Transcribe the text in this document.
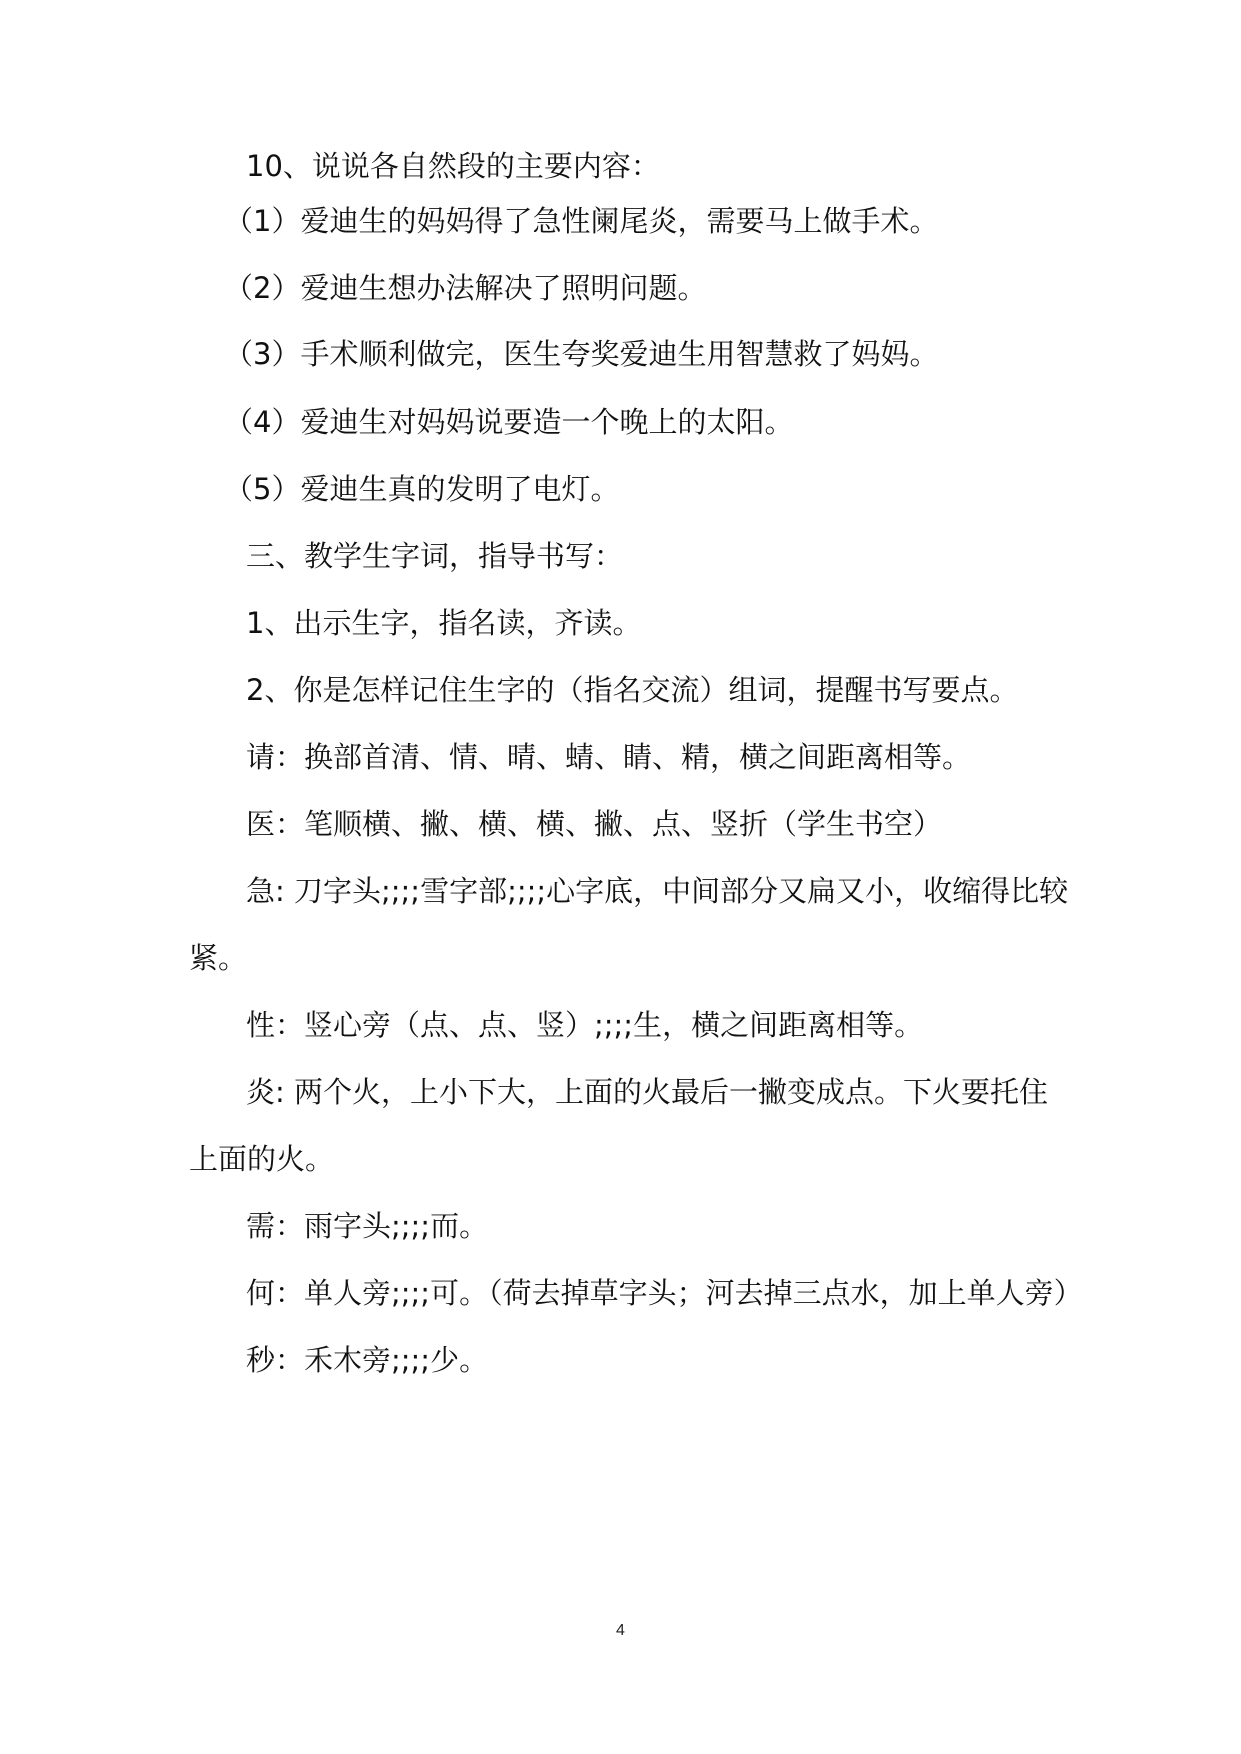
10、说说各自然段的主要内容：
（1）爱迪生的妈妈得了急性阑尾炎，需要马上做手术。
（2）爱迪生想办法解决了照明问题。
（3）手术顺利做完，医生夸奖爱迪生用智慧救了妈妈。
（4）爱迪生对妈妈说要造一个晚上的太阳。
（5）爱迪生真的发明了电灯。
三、教学生字词，指导书写：
1、出示生字，指名读，齐读。
2、你是怎样记住生字的（指名交流）组词，提醒书写要点。
请：换部首清、情、晴、蜻、睛、精，横之间距离相等。
医：笔顺横、撇、横、横、撇、点、竖折（学生书空）
急: 刀字头;;;;雪字部;;;;心字底，中间部分又扁又小，收缩得比较
紧。
性：竖心旁（点、点、竖）;;;;生，横之间距离相等。
炎: 两个火，上小下大，上面的火最后一撇变成点。下火要托住
上面的火。
需：雨字头;;;;而。
何：单人旁;;;;可。（荷去掉草字头；河去掉三点水，加上单人旁）
秒：禾木旁;;;;少。
4
